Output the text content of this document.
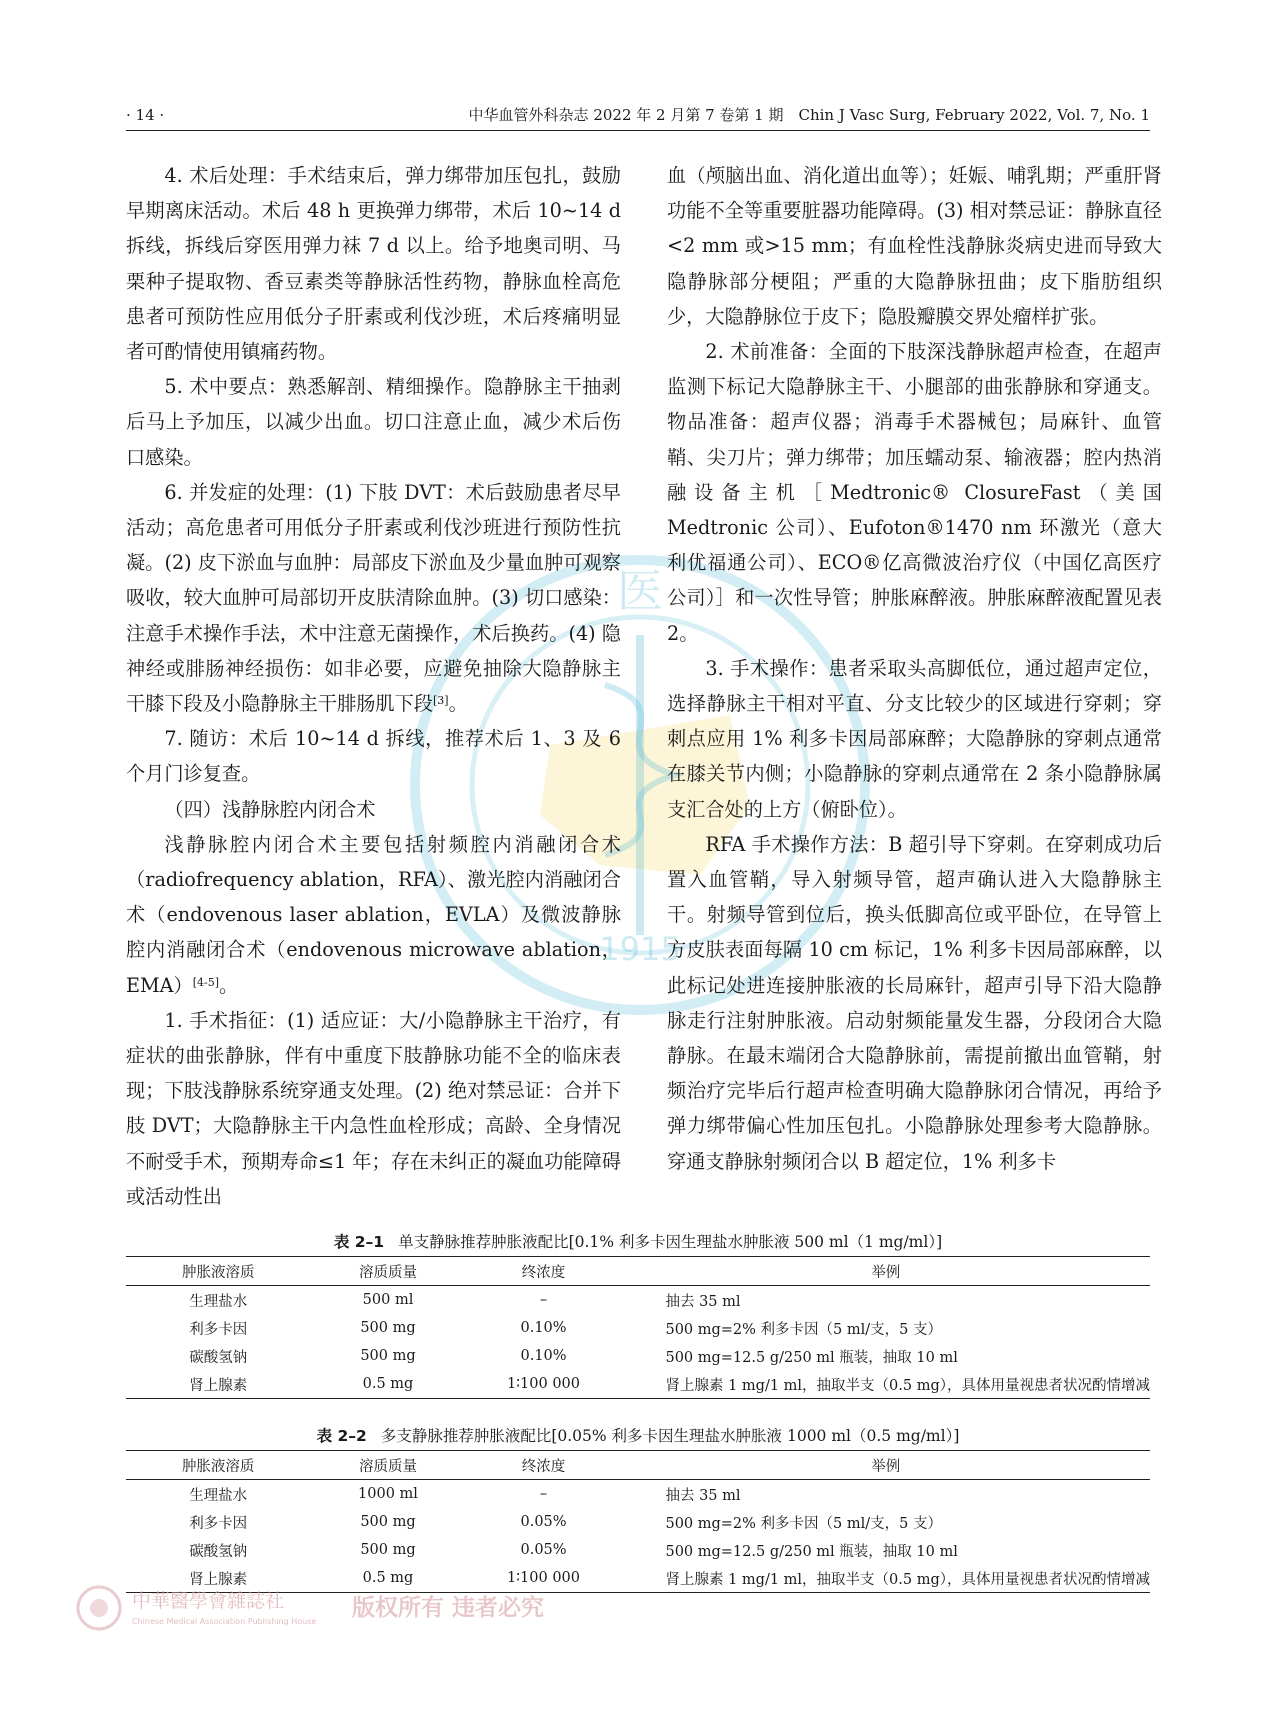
· 14 ·	中华血管外科杂志 2022 年 2 月第 7 卷第 1 期　Chin J Vasc Surg, February 2022, Vol. 7, No. 1
医
1915

4. 术后处理：手术结束后，弹力绑带加压包扎，鼓励早期离床活动。术后 48 h 更换弹力绑带，术后 10~14 d 拆线，拆线后穿医用弹力袜 7 d 以上。给予地奥司明、马栗种子提取物、香豆素类等静脉活性药物，静脉血栓高危患者可预防性应用低分子肝素或利伐沙班，术后疼痛明显者可酌情使用镇痛药物。

5. 术中要点：熟悉解剖、精细操作。隐静脉主干抽剥后马上予加压，以减少出血。切口注意止血，减少术后伤口感染。

6. 并发症的处理：(1) 下肢 DVT：术后鼓励患者尽早活动；高危患者可用低分子肝素或利伐沙班进行预防性抗凝。(2) 皮下淤血与血肿：局部皮下淤血及少量血肿可观察吸收，较大血肿可局部切开皮肤清除血肿。(3) 切口感染：注意手术操作手法，术中注意无菌操作，术后换药。(4) 隐神经或腓肠神经损伤：如非必要，应避免抽除大隐静脉主干膝下段及小隐静脉主干腓肠肌下段[3]。

7. 随访：术后 10~14 d 拆线，推荐术后 1、3 及 6 个月门诊复查。

（四）浅静脉腔内闭合术

浅静脉腔内闭合术主要包括射频腔内消融闭合术（radiofrequency ablation，RFA）、激光腔内消融闭合术（endovenous laser ablation，EVLA）及微波静脉腔内消融闭合术（endovenous microwave ablation，EMA）[4-5]。

1. 手术指征：(1) 适应证：大/小隐静脉主干治疗，有症状的曲张静脉，伴有中重度下肢静脉功能不全的临床表现；下肢浅静脉系统穿通支处理。(2) 绝对禁忌证：合并下肢 DVT；大隐静脉主干内急性血栓形成；高龄、全身情况不耐受手术，预期寿命≤1 年；存在未纠正的凝血功能障碍或活动性出

血（颅脑出血、消化道出血等）；妊娠、哺乳期；严重肝肾功能不全等重要脏器功能障碍。(3) 相对禁忌证：静脉直径<2 mm 或>15 mm；有血栓性浅静脉炎病史进而导致大隐静脉部分梗阻；严重的大隐静脉扭曲；皮下脂肪组织少，大隐静脉位于皮下；隐股瓣膜交界处瘤样扩张。

2. 术前准备：全面的下肢深浅静脉超声检查，在超声监测下标记大隐静脉主干、小腿部的曲张静脉和穿通支。物品准备：超声仪器；消毒手术器械包；局麻针、血管鞘、尖刀片；弹力绑带；加压蠕动泵、输液器；腔内热消融设备主机［Medtronic® ClosureFast（美国 Medtronic 公司）、Eufoton®1470 nm 环激光（意大利优福通公司）、ECO®亿高微波治疗仪（中国亿高医疗公司）］和一次性导管；肿胀麻醉液。肿胀麻醉液配置见表 2。

3. 手术操作：患者采取头高脚低位，通过超声定位，选择静脉主干相对平直、分支比较少的区域进行穿刺；穿刺点应用 1% 利多卡因局部麻醉；大隐静脉的穿刺点通常在膝关节内侧；小隐静脉的穿刺点通常在 2 条小隐静脉属支汇合处的上方（俯卧位）。

RFA 手术操作方法：B 超引导下穿刺。在穿刺成功后置入血管鞘，导入射频导管，超声确认进入大隐静脉主干。射频导管到位后，换头低脚高位或平卧位，在导管上方皮肤表面每隔 10 cm 标记，1% 利多卡因局部麻醉，以此标记处进连接肿胀液的长局麻针，超声引导下沿大隐静脉走行注射肿胀液。启动射频能量发生器，分段闭合大隐静脉。在最末端闭合大隐静脉前，需提前撤出血管鞘，射频治疗完毕后行超声检查明确大隐静脉闭合情况，再给予弹力绑带偏心性加压包扎。小隐静脉处理参考大隐静脉。穿通支静脉射频闭合以 B 超定位，1% 利多卡

表 2–1 单支静脉推荐肿胀液配比[0.1% 利多卡因生理盐水肿胀液 500 ml（1 mg/ml）]
肿胀液溶质	溶质质量	终浓度	举例
生理盐水	500 ml	–	抽去 35 ml
利多卡因	500 mg	0.10%	500 mg=2% 利多卡因（5 ml/支，5 支）
碳酸氢钠	500 mg	0.10%	500 mg=12.5 g/250 ml 瓶装，抽取 10 ml
肾上腺素	0.5 mg	1∶100 000	肾上腺素 1 mg/1 ml，抽取半支（0.5 mg），具体用量视患者状况酌情增减
表 2–2 多支静脉推荐肿胀液配比[0.05% 利多卡因生理盐水肿胀液 1000 ml（0.5 mg/ml）]
肿胀液溶质	溶质质量	终浓度	举例
生理盐水	1000 ml	–	抽去 35 ml
利多卡因	500 mg	0.05%	500 mg=2% 利多卡因（5 ml/支，5 支）
碳酸氢钠	500 mg	0.05%	500 mg=12.5 g/250 ml 瓶装，抽取 10 ml
肾上腺素	0.5 mg	1∶100 000	肾上腺素 1 mg/1 ml，抽取半支（0.5 mg），具体用量视患者状况酌情增减
中華醫學會雜誌社
Chinese Medical Association Publishing House
版权所有 违者必究
